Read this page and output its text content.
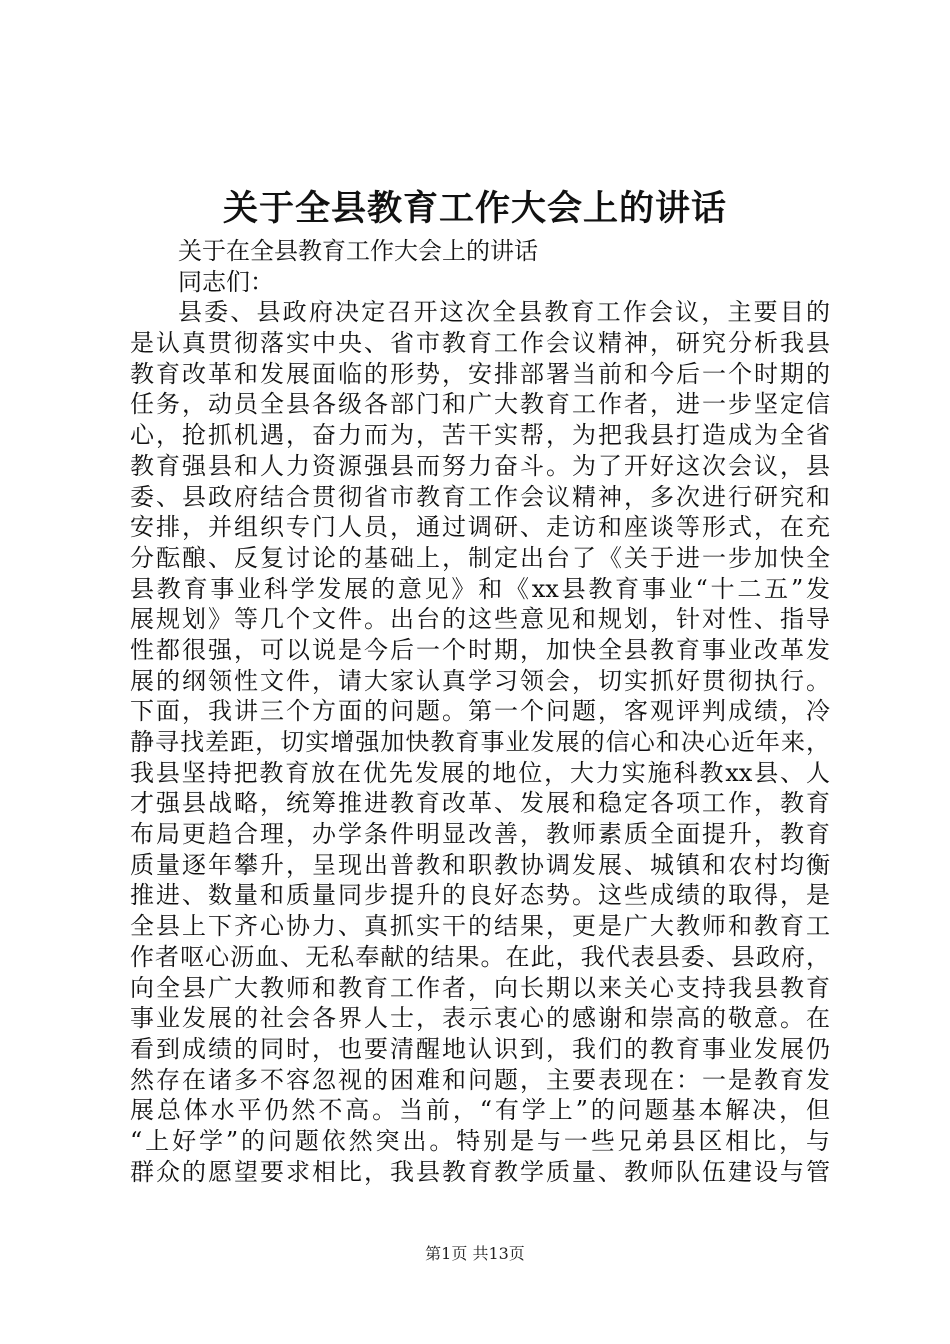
关于全县教育工作大会上的讲话
关于在全县教育工作大会上的讲话
同志们：
县委、县政府决定召开这次全县教育工作会议，主要目的
是认真贯彻落实中央、省市教育工作会议精神，研究分析我县
教育改革和发展面临的形势，安排部署当前和今后一个时期的
任务，动员全县各级各部门和广大教育工作者，进一步坚定信
心，抢抓机遇，奋力而为，苦干实帮，为把我县打造成为全省
教育强县和人力资源强县而努力奋斗。为了开好这次会议，县
委、县政府结合贯彻省市教育工作会议精神，多次进行研究和
安排，并组织专门人员，通过调研、走访和座谈等形式，在充
分酝酿、反复讨论的基础上，制定出台了《关于进一步加快全
县教育事业科学发展的意见》和《xx县教育事业“十二五”发
展规划》等几个文件。出台的这些意见和规划，针对性、指导
性都很强，可以说是今后一个时期，加快全县教育事业改革发
展的纲领性文件，请大家认真学习领会，切实抓好贯彻执行。
下面，我讲三个方面的问题。第一个问题，客观评判成绩，冷
静寻找差距，切实增强加快教育事业发展的信心和决心近年来，
我县坚持把教育放在优先发展的地位，大力实施科教xx县、人
才强县战略，统筹推进教育改革、发展和稳定各项工作，教育
布局更趋合理，办学条件明显改善，教师素质全面提升，教育
质量逐年攀升，呈现出普教和职教协调发展、城镇和农村均衡
推进、数量和质量同步提升的良好态势。这些成绩的取得，是
全县上下齐心协力、真抓实干的结果，更是广大教师和教育工
作者呕心沥血、无私奉献的结果。在此，我代表县委、县政府，
向全县广大教师和教育工作者，向长期以来关心支持我县教育
事业发展的社会各界人士，表示衷心的感谢和崇高的敬意。在
看到成绩的同时，也要清醒地认识到，我们的教育事业发展仍
然存在诸多不容忽视的困难和问题，主要表现在：一是教育发
展总体水平仍然不高。当前，“有学上”的问题基本解决，但
“上好学”的问题依然突出。特别是与一些兄弟县区相比，与
群众的愿望要求相比，我县教育教学质量、教师队伍建设与管
第1页 共13页
